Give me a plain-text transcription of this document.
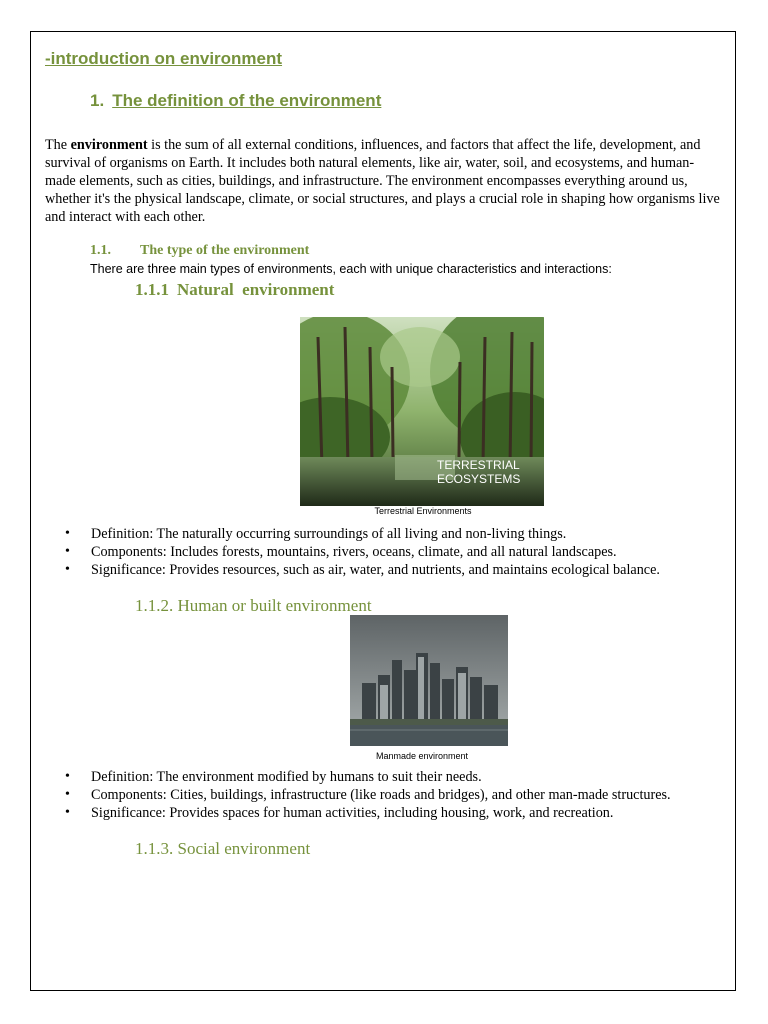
-introduction on environment
1. The definition of the environment

The environment is the sum of all external conditions, influences, and factors that affect the life, development, and survival of organisms on Earth. It includes both natural elements, like air, water, soil, and ecosystems, and human-made elements, such as cities, buildings, and infrastructure. The environment encompasses everything around us, whether it's the physical landscape, climate, or social structures, and plays a crucial role in shaping how organisms live and interact with each other.

1.1. The type of the environment

There are three main types of environments, each with unique characteristics and interactions:

1.1.1 Natural  environment
TERRESTRIAL
ECOSYSTEMS
Terrestrial Environments
• Definition: The naturally occurring surroundings of all living and non-living things.
• Components: Includes forests, mountains, rivers, oceans, climate, and all natural landscapes.
• Significance: Provides resources, such as air, water, and nutrients, and maintains ecological balance.
1.1.2. Human or built environment
Manmade environment
• Definition: The environment modified by humans to suit their needs.
• Components: Cities, buildings, infrastructure (like roads and bridges), and other man-made structures.
• Significance: Provides spaces for human activities, including housing, work, and recreation.
1.1.3. Social environment
